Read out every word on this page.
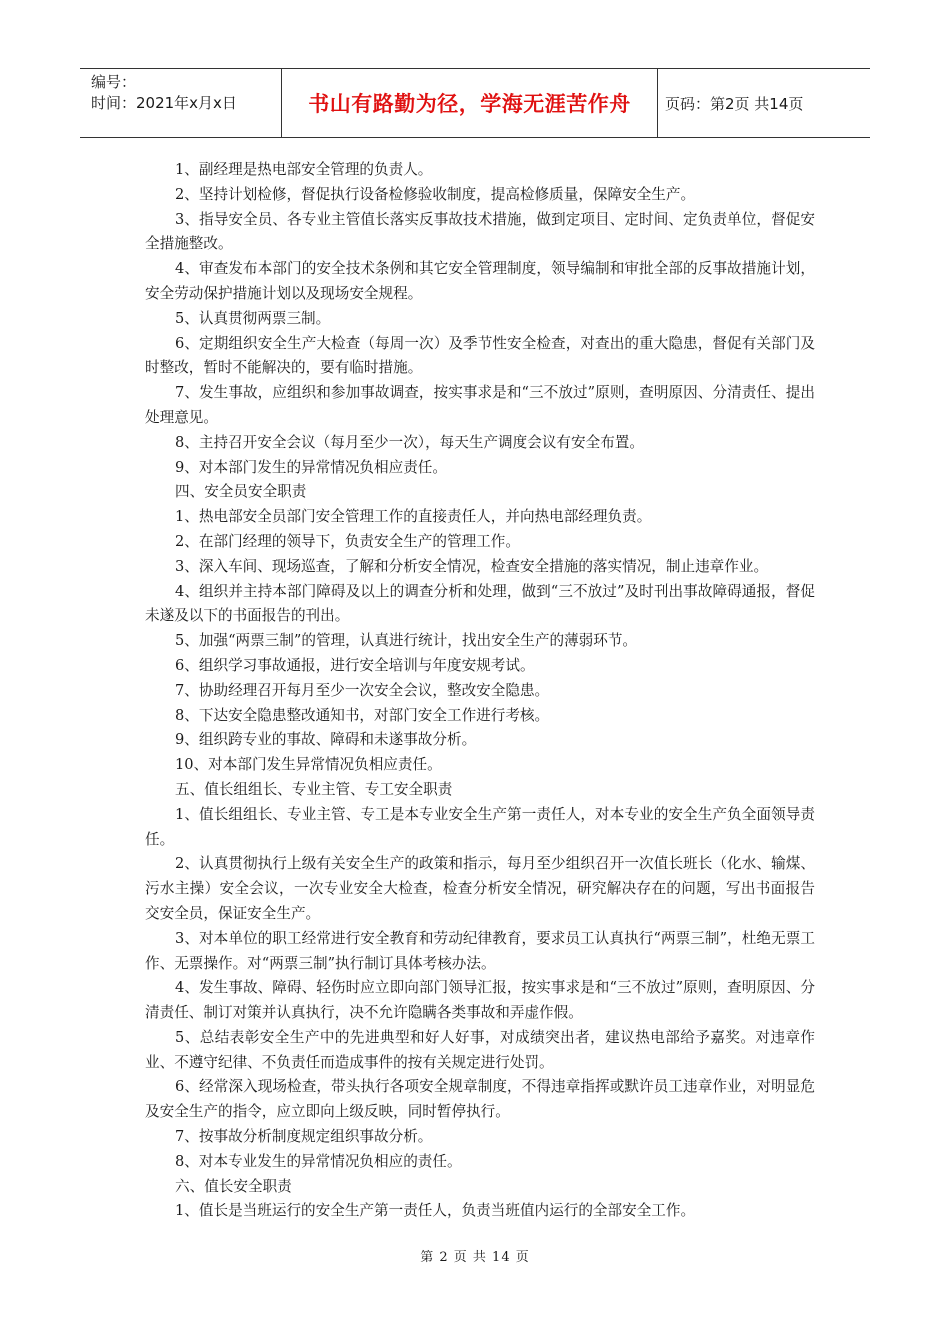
编号：
时间：2021年x月x日	书山有路勤为径，学海无涯苦作舟 页码：第2页 共14页

1、副经理是热电部安全管理的负责人。

2、坚持计划检修，督促执行设备检修验收制度，提高检修质量，保障安全生产。

3、指导安全员、各专业主管值长落实反事故技术措施，做到定项目、定时间、定负责单位，督促安全措施整改。

4、审查发布本部门的安全技术条例和其它安全管理制度，领导编制和审批全部的反事故措施计划，安全劳动保护措施计划以及现场安全规程。

5、认真贯彻两票三制。

6、定期组织安全生产大检查（每周一次）及季节性安全检查，对查出的重大隐患，督促有关部门及时整改，暂时不能解决的，要有临时措施。

7、发生事故，应组织和参加事故调查，按实事求是和“三不放过”原则，查明原因、分清责任、提出处理意见。

8、主持召开安全会议（每月至少一次），每天生产调度会议有安全布置。

9、对本部门发生的异常情况负相应责任。

四、安全员安全职责

1、热电部安全员部门安全管理工作的直接责任人，并向热电部经理负责。

2、在部门经理的领导下，负责安全生产的管理工作。

3、深入车间、现场巡查，了解和分析安全情况，检查安全措施的落实情况，制止违章作业。

4、组织并主持本部门障碍及以上的调查分析和处理，做到“三不放过”及时刊出事故障碍通报，督促未遂及以下的书面报告的刊出。

5、加强“两票三制”的管理，认真进行统计，找出安全生产的薄弱环节。

6、组织学习事故通报，进行安全培训与年度安规考试。

7、协助经理召开每月至少一次安全会议，整改安全隐患。

8、下达安全隐患整改通知书，对部门安全工作进行考核。

9、组织跨专业的事故、障碍和未遂事故分析。

10、对本部门发生异常情况负相应责任。

五、值长组组长、专业主管、专工安全职责

1、值长组组长、专业主管、专工是本专业安全生产第一责任人，对本专业的安全生产负全面领导责任。

2、认真贯彻执行上级有关安全生产的政策和指示，每月至少组织召开一次值长班长（化水、输煤、污水主操）安全会议，一次专业安全大检查，检查分析安全情况，研究解决存在的问题，写出书面报告交安全员，保证安全生产。

3、对本单位的职工经常进行安全教育和劳动纪律教育，要求员工认真执行“两票三制”，杜绝无票工作、无票操作。对“两票三制”执行制订具体考核办法。

4、发生事故、障碍、轻伤时应立即向部门领导汇报，按实事求是和“三不放过”原则，查明原因、分清责任、制订对策并认真执行，决不允许隐瞒各类事故和弄虚作假。

5、总结表彰安全生产中的先进典型和好人好事，对成绩突出者，建议热电部给予嘉奖。对违章作业、不遵守纪律、不负责任而造成事件的按有关规定进行处罚。

6、经常深入现场检查，带头执行各项安全规章制度，不得违章指挥或默许员工违章作业，对明显危及安全生产的指令，应立即向上级反映，同时暂停执行。

7、按事故分析制度规定组织事故分析。

8、对本专业发生的异常情况负相应的责任。

六、值长安全职责

1、值长是当班运行的安全生产第一责任人，负责当班值内运行的全部安全工作。

第 2 页 共 14 页
